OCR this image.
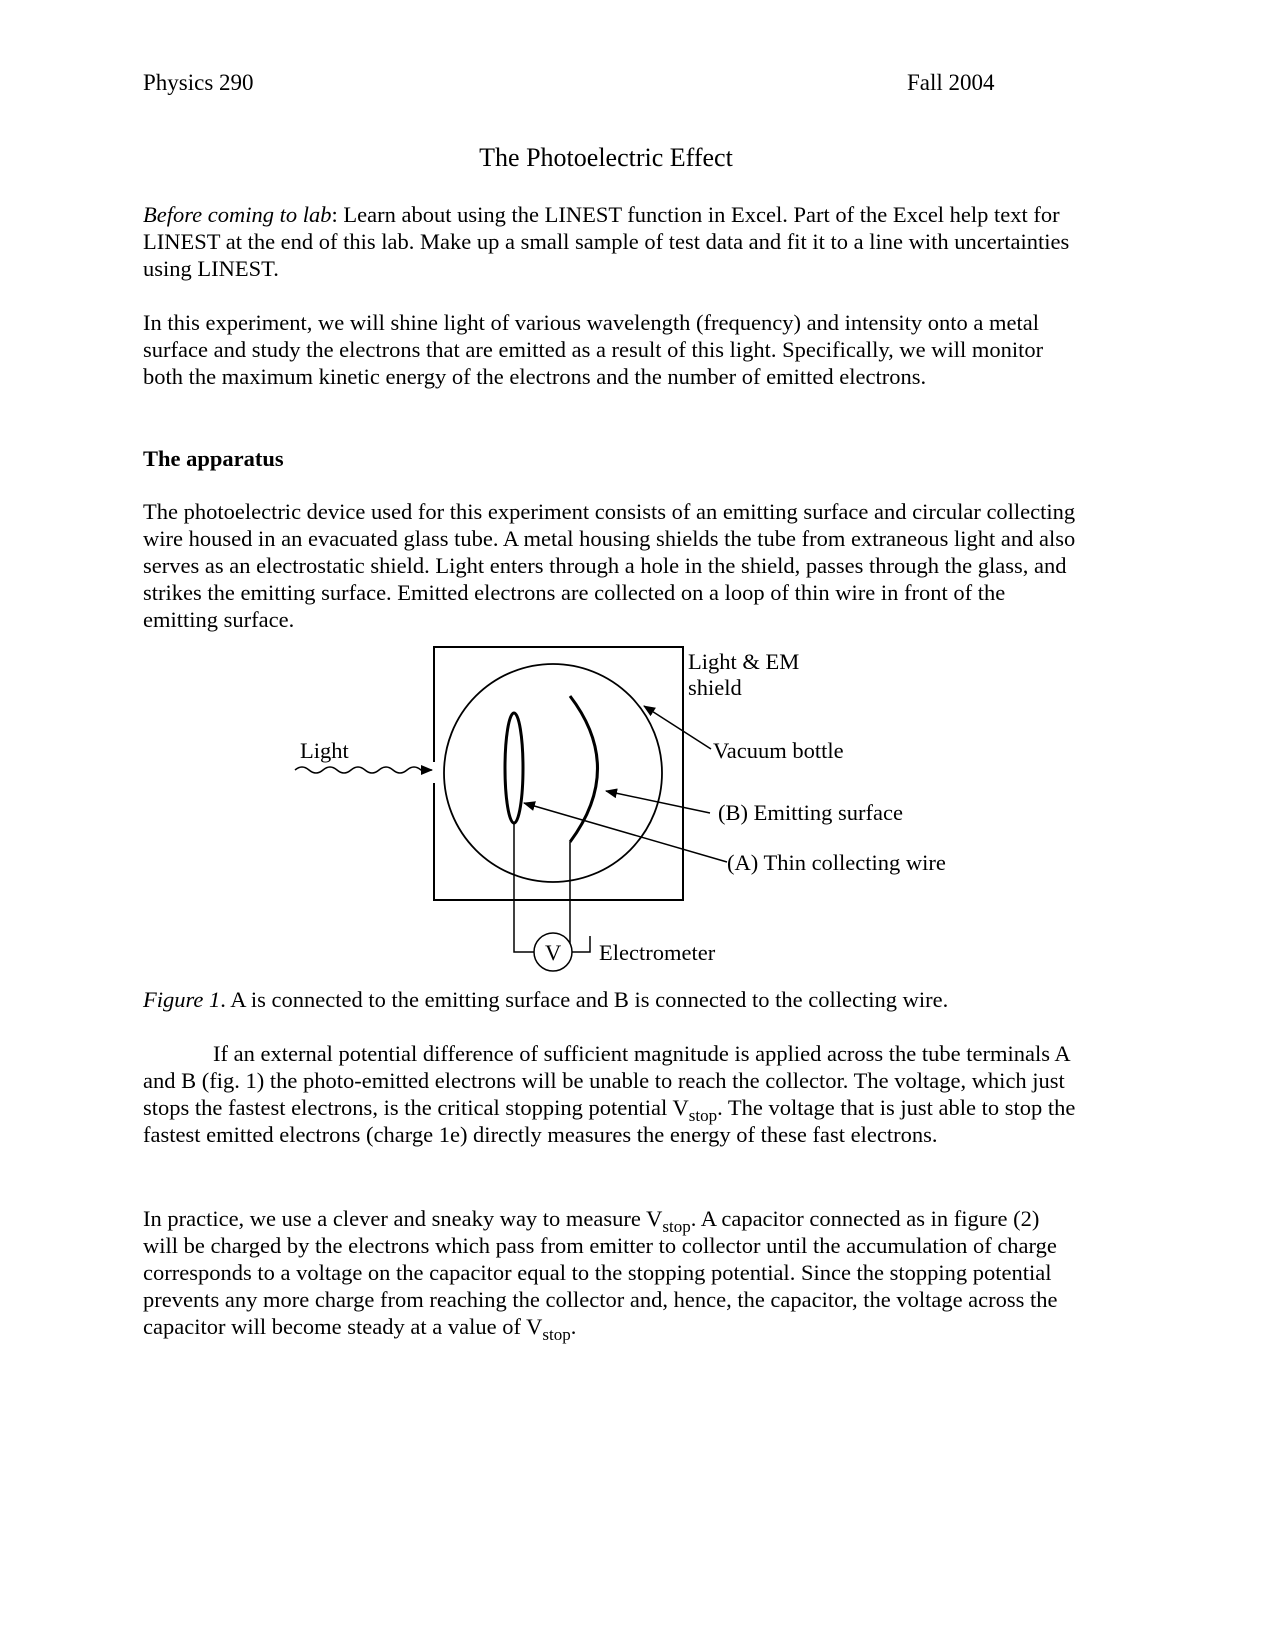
Physics 290	Fall 2004
The Photoelectric Effect

Before coming to lab: Learn about using the LINEST function in Excel. Part of the Excel help text for LINEST at the end of this lab. Make up a small sample of test data and fit it to a line with uncertainties using LINEST.

In this experiment, we will shine light of various wavelength (frequency) and intensity onto a metal surface and study the electrons that are emitted as a result of this light. Specifically, we will monitor both the maximum kinetic energy of the electrons and the number of emitted electrons.

The apparatus

The photoelectric device used for this experiment consists of an emitting surface and circular collecting wire housed in an evacuated glass tube. A metal housing shields the tube from extraneous light and also serves as an electrostatic shield. Light enters through a hole in the shield, passes through the glass, and strikes the emitting surface. Emitted electrons are collected on a loop of thin wire in front of the emitting surface.

V
Light & EM
shield
Light	Vacuum bottle
(B) Emitting surface
(A) Thin collecting wire
Electrometer

Figure 1. A is connected to the emitting surface and B is connected to the collecting wire.

If an external potential difference of sufficient magnitude is applied across the tube terminals A and B (fig. 1) the photo-emitted electrons will be unable to reach the collector. The voltage, which just stops the fastest electrons, is the critical stopping potential $V_{stop}$. The voltage that is just able to stop the fastest emitted electrons (charge 1e) directly measures the energy of these fast electrons.

In practice, we use a clever and sneaky way to measure $V_{stop}$. A capacitor connected as in figure (2) will be charged by the electrons which pass from emitter to collector until the accumulation of charge corresponds to a voltage on the capacitor equal to the stopping potential. Since the stopping potential prevents any more charge from reaching the collector and, hence, the capacitor, the voltage across the capacitor will become steady at a value of $V_{stop}$.
